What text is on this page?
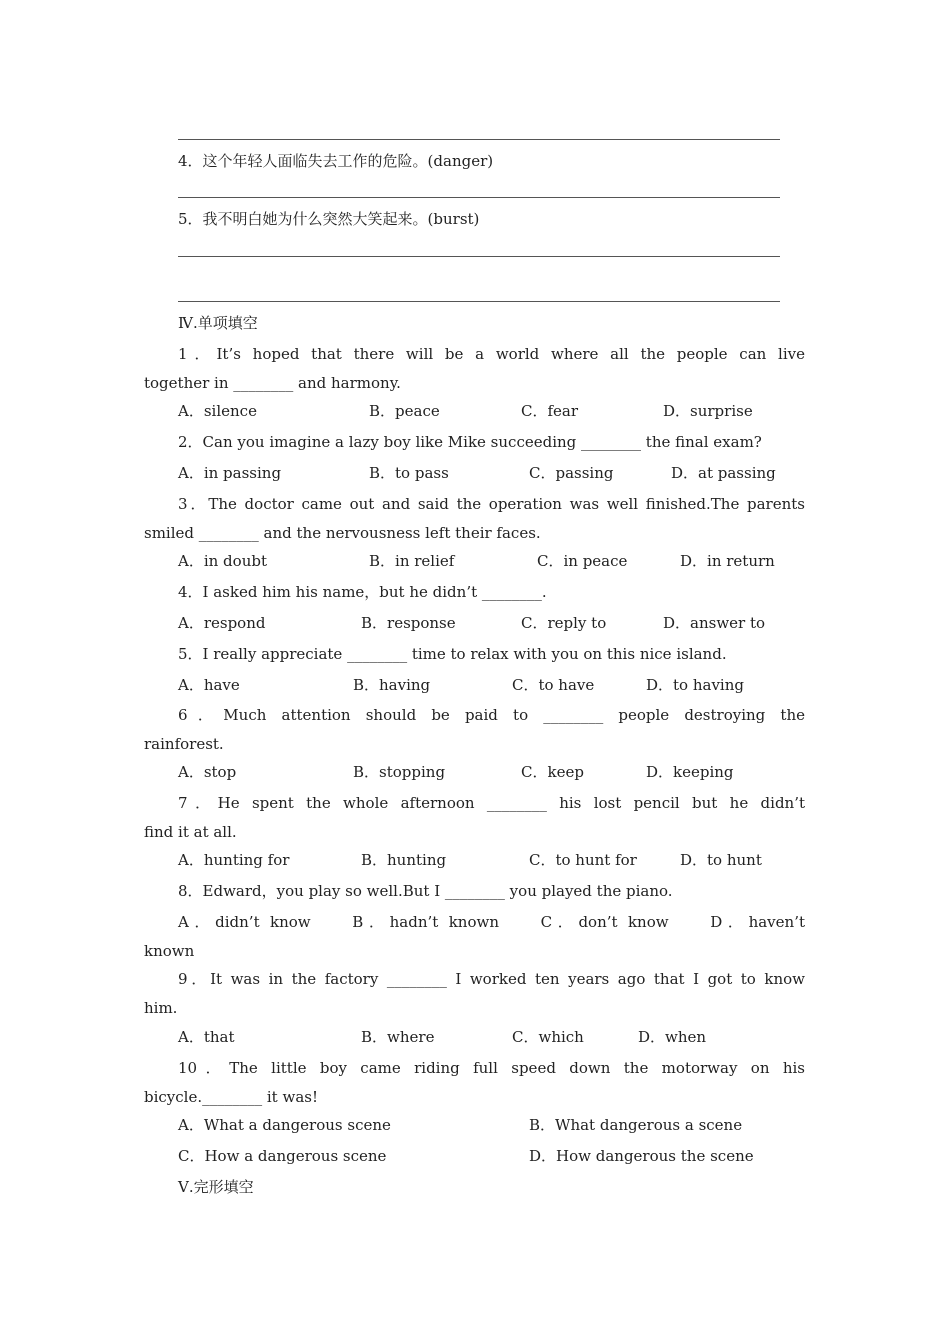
4．这个年轻人面临失去工作的危险。(danger)
5．我不明白她为什么突然大笑起来。(burst)
Ⅳ.单项填空
1．It’s hoped that there will be a world where all the people can live
together in ________ and harmony.
A．silence	B．peace	C．fear	D．surprise
2．Can you imagine a lazy boy like Mike succeeding ________ the final exam?
A．in passing	B．to pass	C．passing	D．at passing
3．The doctor came out and said the operation was well finished.The parents
smiled ________ and the nervousness left their faces.
A．in doubt	B．in relief	C．in peace	D．in return
4．I asked him his name，but he didn’t ________.
A．respond	B．response	C．reply to	D．answer to
5．I really appreciate ________ time to relax with you on this nice island.
A．have	B．having	C．to have	D．to having
6．Much attention should be paid to ________ people destroying the
rainforest.
A．stop	B．stopping	C．keep	D．keeping
7．He spent the whole afternoon ________ his lost pencil but he didn’t
find it at all.
A．hunting for	B．hunting	C．to hunt for	D．to hunt
8．Edward，you play so well.But I ________ you played the piano.
A．didn’t know    B．hadn’t known    C．don’t know    D．haven’t
known
9．It was in the factory ________ I worked ten years ago that I got to know
him.
A．that	B．where	C．which	D．when
10．The little boy came riding full speed down the motorway on his
bicycle.________ it was!
A．What a dangerous scene	B．What dangerous a scene
C．How a dangerous scene	D．How dangerous the scene
Ⅴ.完形填空
